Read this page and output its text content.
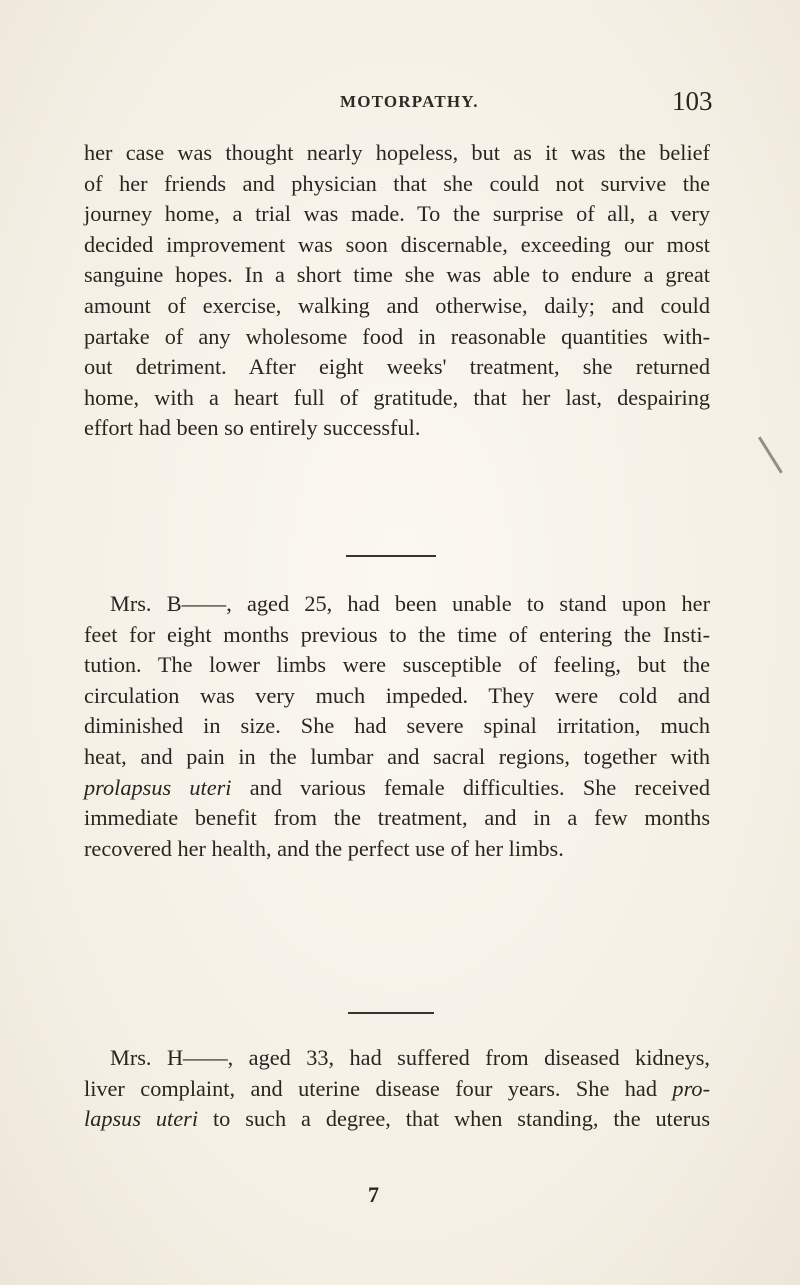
MOTORPATHY.	103
her case was thought nearly hopeless, but as it was the belief
of her friends and physician that she could not survive the
journey home, a trial was made. To the surprise of all, a very
decided improvement was soon discernable, exceeding our most
sanguine hopes. In a short time she was able to endure a great
amount of exercise, walking and otherwise, daily; and could
partake of any wholesome food in reasonable quantities with-
out detriment. After eight weeks' treatment, she returned
home, with a heart full of gratitude, that her last, despairing
effort had been so entirely successful.
Mrs. B——, aged 25, had been unable to stand upon her
feet for eight months previous to the time of entering the Insti-
tution. The lower limbs were susceptible of feeling, but the
circulation was very much impeded. They were cold and
diminished in size. She had severe spinal irritation, much
heat, and pain in the lumbar and sacral regions, together with
prolapsus uteri and various female difficulties. She received
immediate benefit from the treatment, and in a few months
recovered her health, and the perfect use of her limbs.
Mrs. H——, aged 33, had suffered from diseased kidneys,
liver complaint, and uterine disease four years. She had pro-
lapsus uteri to such a degree, that when standing, the uterus
7
